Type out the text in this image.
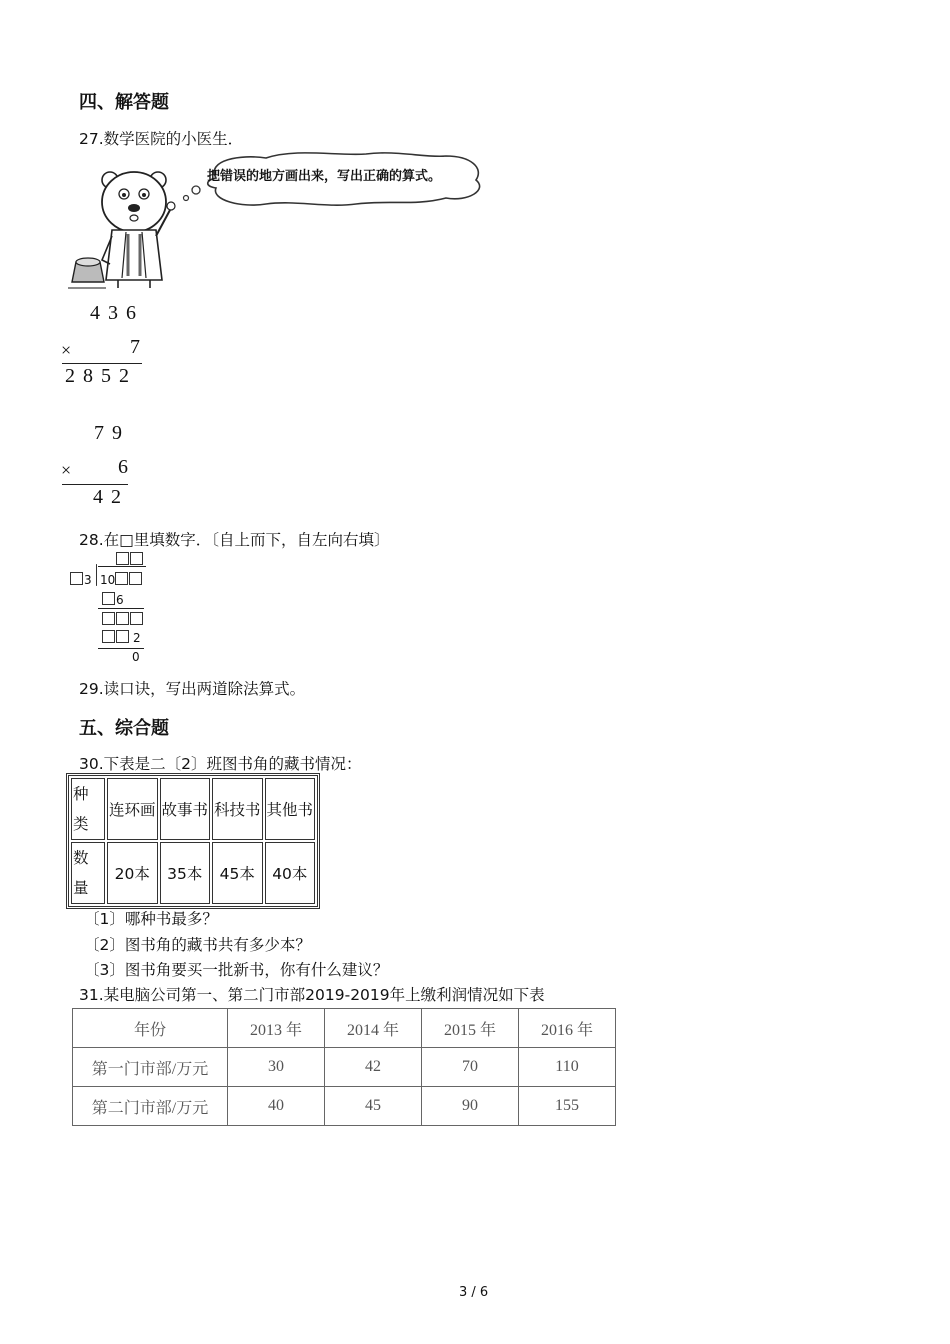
四、解答题
27.数学医院的小医生．
把错误的地方画出来，写出正确的算式。
436
×	7
2852
79
× 6
42
28.在□里填数字．〔自上而下，自左向右填〕
3 10
6
2
0
29.读口诀，写出两道除法算式。
五、综合题
30.下表是二〔2〕班图书角的藏书情况：
种
类	连环画	故事书	科技书	其他书
数
量	20本	35本	45本	40本
〔1〕哪种书最多？
〔2〕图书角的藏书共有多少本？
〔3〕图书角要买一批新书，你有什么建议？
31.某电脑公司第一、第二门市部2019-2019年上缴利润情况如下表
年份	2013 年	2014 年	2015 年	2016 年
第一门市部/万元	30	42	70	110
第二门市部/万元	40	45	90	155
3 / 6
